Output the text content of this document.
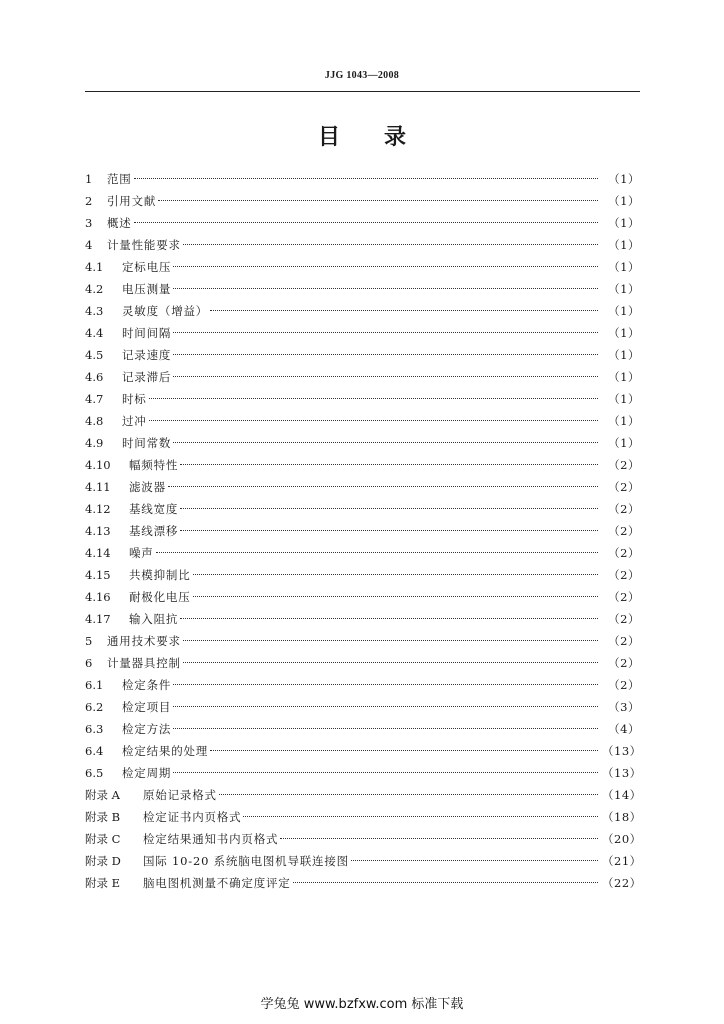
JJG 1043—2008
目录
1	范围	（1）
2	引用文献	（1）
3	概述	（1）
4	计量性能要求	（1）
4.1	定标电压	（1）
4.2	电压测量	（1）
4.3	灵敏度（增益）	（1）
4.4	时间间隔	（1）
4.5	记录速度	（1）
4.6	记录滞后	（1）
4.7	时标	（1）
4.8	过冲	（1）
4.9	时间常数	（1）
4.10	幅频特性	（2）
4.11	滤波器	（2）
4.12	基线宽度	（2）
4.13	基线漂移	（2）
4.14	噪声	（2）
4.15	共模抑制比	（2）
4.16	耐极化电压	（2）
4.17	输入阻抗	（2）
5	通用技术要求	（2）
6	计量器具控制	（2）
6.1	检定条件	（2）
6.2	检定项目	（3）
6.3	检定方法	（4）
6.4	检定结果的处理	（13）
6.5	检定周期	（13）
附录 A	原始记录格式	（14）
附录 B	检定证书内页格式	（18）
附录 C	检定结果通知书内页格式	（20）
附录 D	国际 10-20 系统脑电图机导联连接图	（21）
附录 E	脑电图机测量不确定度评定	（22）
学兔兔 www.bzfxw.com 标准下载
